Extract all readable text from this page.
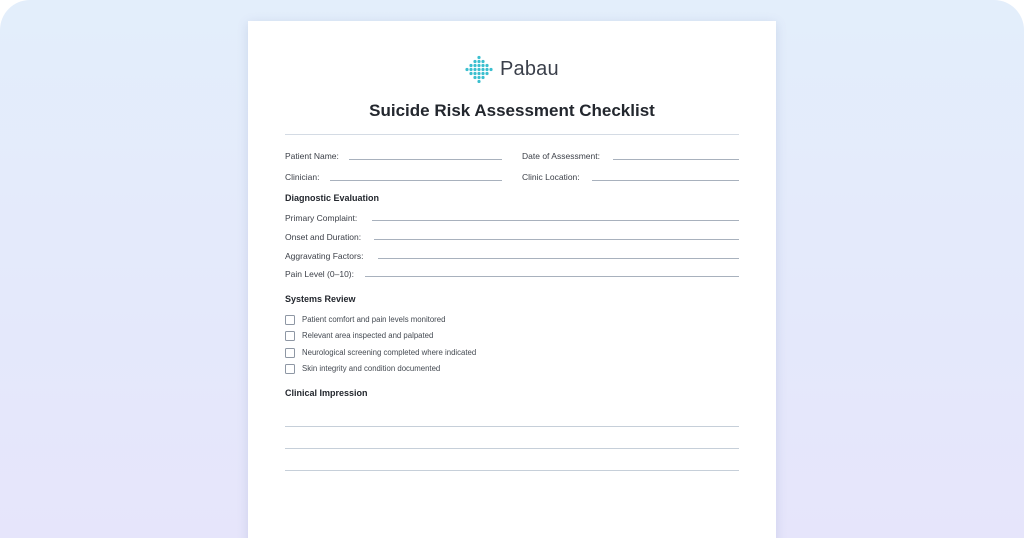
Pabau
Suicide Risk Assessment Checklist
Patient Name:	Date of Assessment:
Clinician:	Clinic Location:
Diagnostic Evaluation
Primary Complaint:
Onset and Duration:
Aggravating Factors:
Pain Level (0–10):
Systems Review
Patient comfort and pain levels monitored
Relevant area inspected and palpated
Neurological screening completed where indicated
Skin integrity and condition documented
Clinical Impression
